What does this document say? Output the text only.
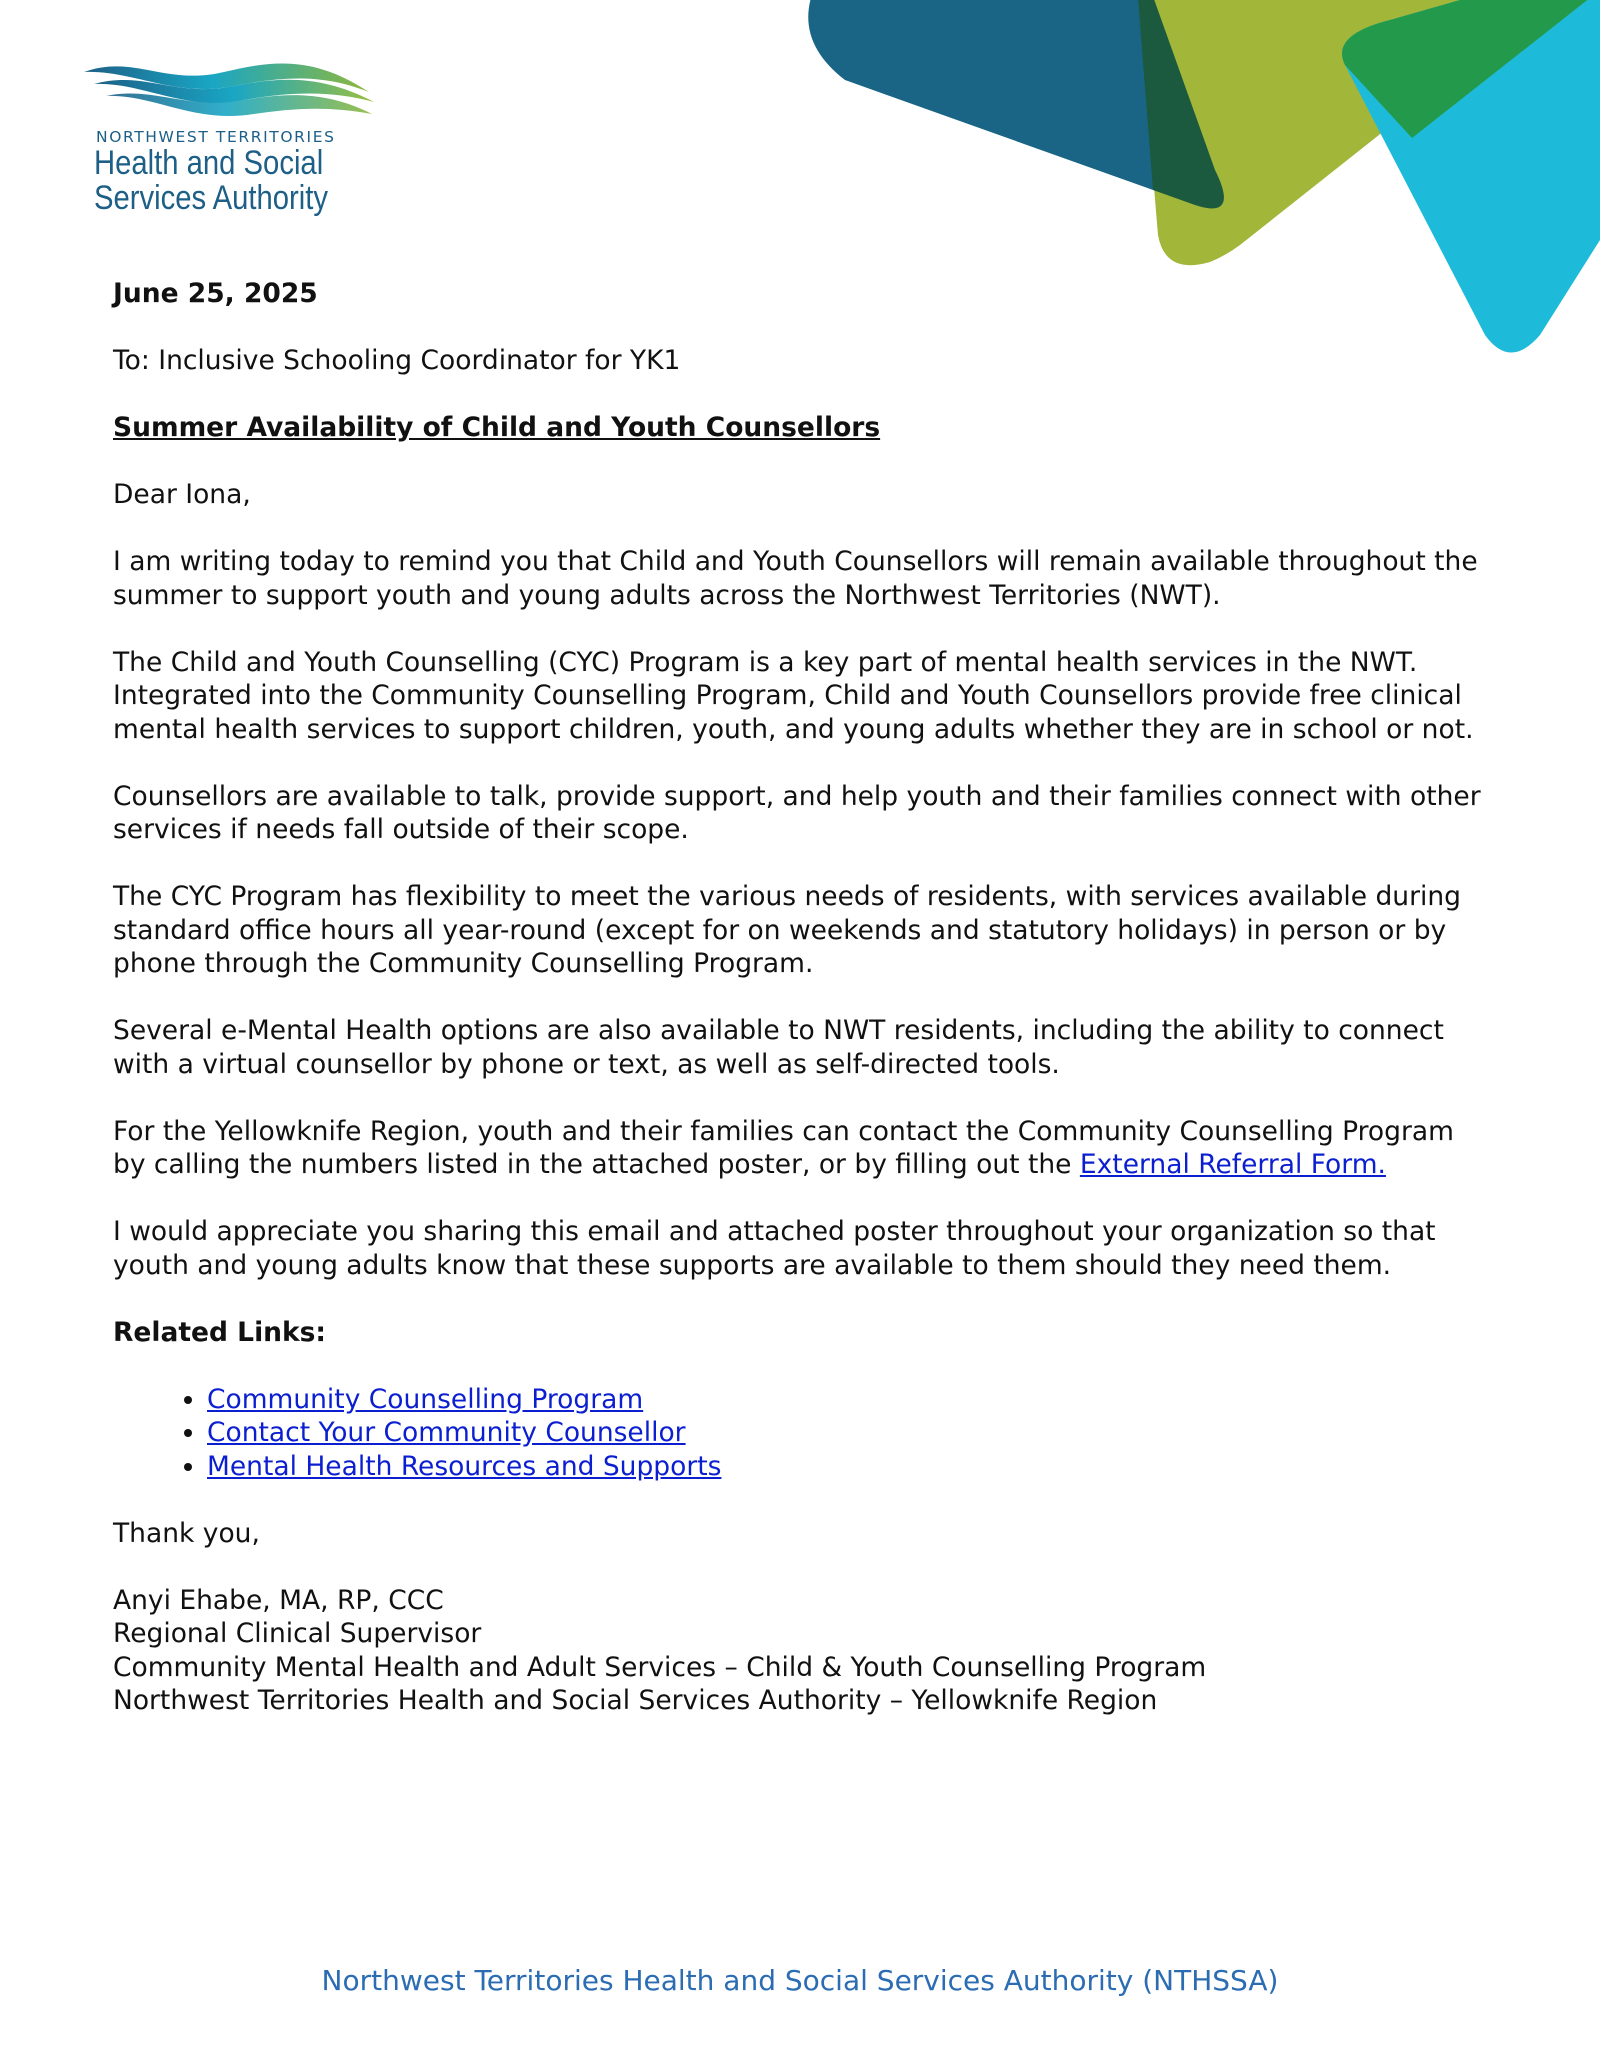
NORTHWEST TERRITORIES
Health and Social
Services Authority

June 25, 2025

To: Inclusive Schooling Coordinator for YK1

Summer Availability of Child and Youth Counsellors

Dear Iona,

I am writing today to remind you that Child and Youth Counsellors will remain available throughout the summer to support youth and young adults across the Northwest Territories (NWT).

The Child and Youth Counselling (CYC) Program is a key part of mental health services in the NWT. Integrated into the Community Counselling Program, Child and Youth Counsellors provide free clinical mental health services to support children, youth, and young adults whether they are in school or not.

Counsellors are available to talk, provide support, and help youth and their families connect with other services if needs fall outside of their scope.

The CYC Program has flexibility to meet the various needs of residents, with services available during standard office hours all year-round (except for on weekends and statutory holidays) in person or by phone through the Community Counselling Program.

Several e-Mental Health options are also available to NWT residents, including the ability to connect with a virtual counsellor by phone or text, as well as self-directed tools.

For the Yellowknife Region, youth and their families can contact the Community Counselling Program by calling the numbers listed in the attached poster, or by filling out the External Referral Form.

I would appreciate you sharing this email and attached poster throughout your organization so that youth and young adults know that these supports are available to them should they need them.

Related Links:

• Community Counselling Program
• Contact Your Community Counsellor
• Mental Health Resources and Supports

Thank you,

Anyi Ehabe, MA, RP, CCC
Regional Clinical Supervisor
Community Mental Health and Adult Services – Child & Youth Counselling Program
Northwest Territories Health and Social Services Authority – Yellowknife Region

Northwest Territories Health and Social Services Authority (NTHSSA)
